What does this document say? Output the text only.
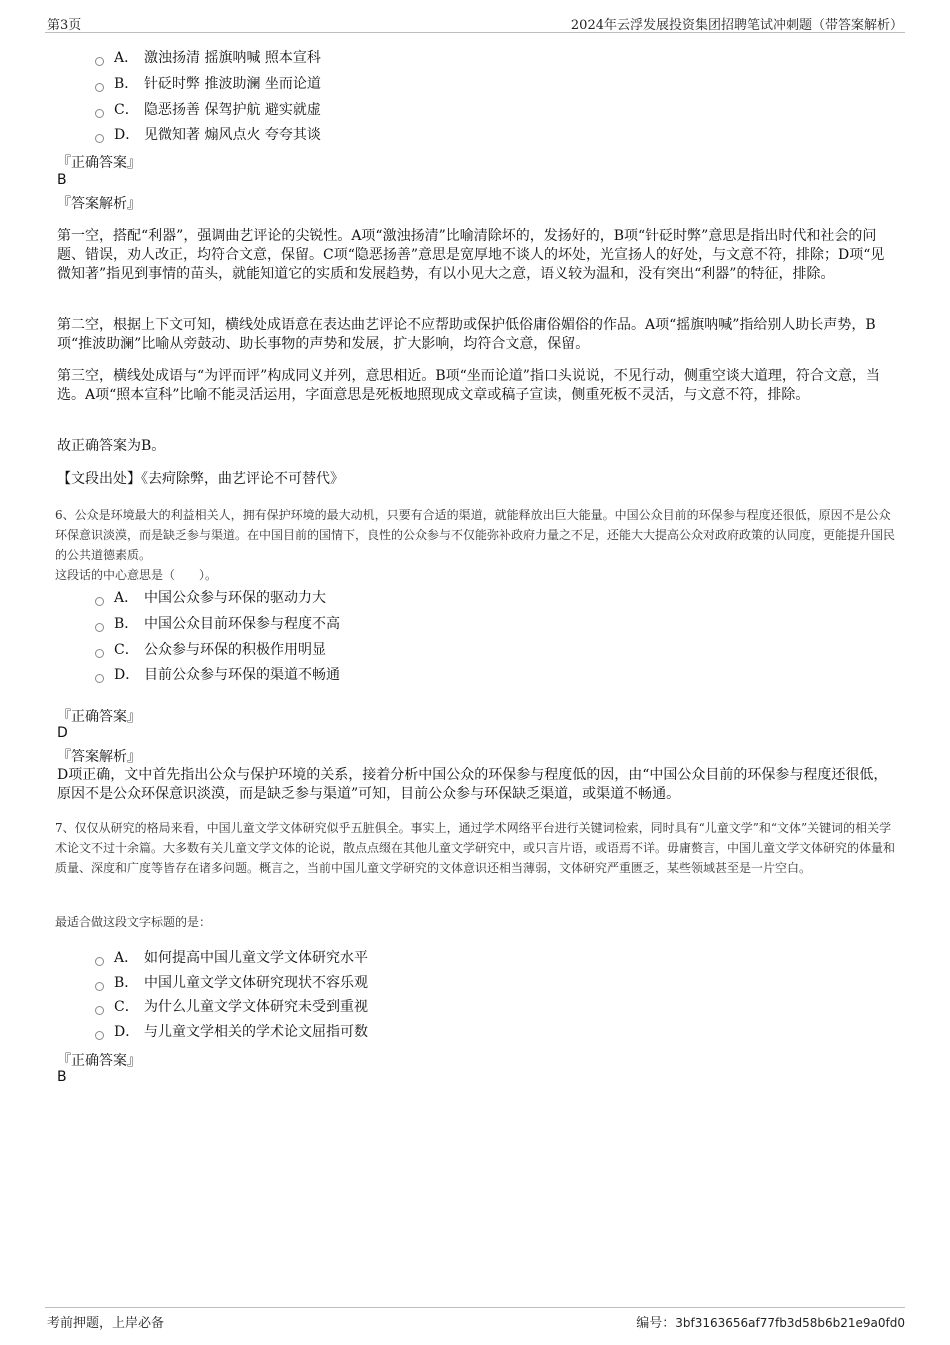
第3页	2024年云浮发展投资集团招聘笔试冲刺题（带答案解析）
A． 激浊扬清 摇旗呐喊 照本宣科
B． 针砭时弊 推波助澜 坐而论道
C． 隐恶扬善 保驾护航 避实就虚
D． 见微知著 煽风点火 夸夸其谈
『正确答案』
B
『答案解析』
第一空，搭配“利器”，强调曲艺评论的尖锐性。A项“激浊扬清”比喻清除坏的，发扬好的，B项“针砭时弊”意思是指出时代和社会的问题、错误，劝人改正，均符合文意，保留。C项“隐恶扬善”意思是宽厚地不谈人的坏处，光宣扬人的好处，与文意不符，排除；D项“见微知著”指见到事情的苗头，就能知道它的实质和发展趋势，有以小见大之意，语义较为温和，没有突出“利器”的特征，排除。
第二空，根据上下文可知，横线处成语意在表达曲艺评论不应帮助或保护低俗庸俗媚俗的作品。A项“摇旗呐喊”指给别人助长声势，B项“推波助澜”比喻从旁鼓动、助长事物的声势和发展，扩大影响，均符合文意，保留。
第三空，横线处成语与“为评而评”构成同义并列，意思相近。B项“坐而论道”指口头说说，不见行动，侧重空谈大道理，符合文意，当选。A项“照本宣科”比喻不能灵活运用，字面意思是死板地照现成文章或稿子宣读，侧重死板不灵活，与文意不符，排除。
故正确答案为B。
【文段出处】《去疴除弊，曲艺评论不可替代》
6、公众是环境最大的利益相关人，拥有保护环境的最大动机，只要有合适的渠道，就能释放出巨大能量。中国公众目前的环保参与程度还很低，原因不是公众环保意识淡漠，而是缺乏参与渠道。在中国目前的国情下，良性的公众参与不仅能弥补政府力量之不足，还能大大提高公众对政府政策的认同度，更能提升国民的公共道德素质。
这段话的中心意思是（　　）。
A． 中国公众参与环保的驱动力大
B． 中国公众目前环保参与程度不高
C． 公众参与环保的积极作用明显
D． 目前公众参与环保的渠道不畅通
『正确答案』
D
『答案解析』
D项正确，文中首先指出公众与保护环境的关系，接着分析中国公众的环保参与程度低的因，由“中国公众目前的环保参与程度还很低，原因不是公众环保意识淡漠，而是缺乏参与渠道”可知，目前公众参与环保缺乏渠道，或渠道不畅通。
7、仅仅从研究的格局来看，中国儿童文学文体研究似乎五脏俱全。事实上，通过学术网络平台进行关键词检索，同时具有“儿童文学”和“文体”关键词的相关学术论文不过十余篇。大多数有关儿童文学文体的论说，散点点缀在其他儿童文学研究中，或只言片语，或语焉不详。毋庸赘言，中国儿童文学文体研究的体量和质量、深度和广度等皆存在诸多问题。概言之，当前中国儿童文学研究的文体意识还相当薄弱，文体研究严重匮乏，某些领域甚至是一片空白。
最适合做这段文字标题的是：
A． 如何提高中国儿童文学文体研究水平
B． 中国儿童文学文体研究现状不容乐观
C． 为什么儿童文学文体研究未受到重视
D． 与儿童文学相关的学术论文屈指可数
『正确答案』
B
考前押题，上岸必备	编号：3bf3163656af77fb3d58b6b21e9a0fd0
